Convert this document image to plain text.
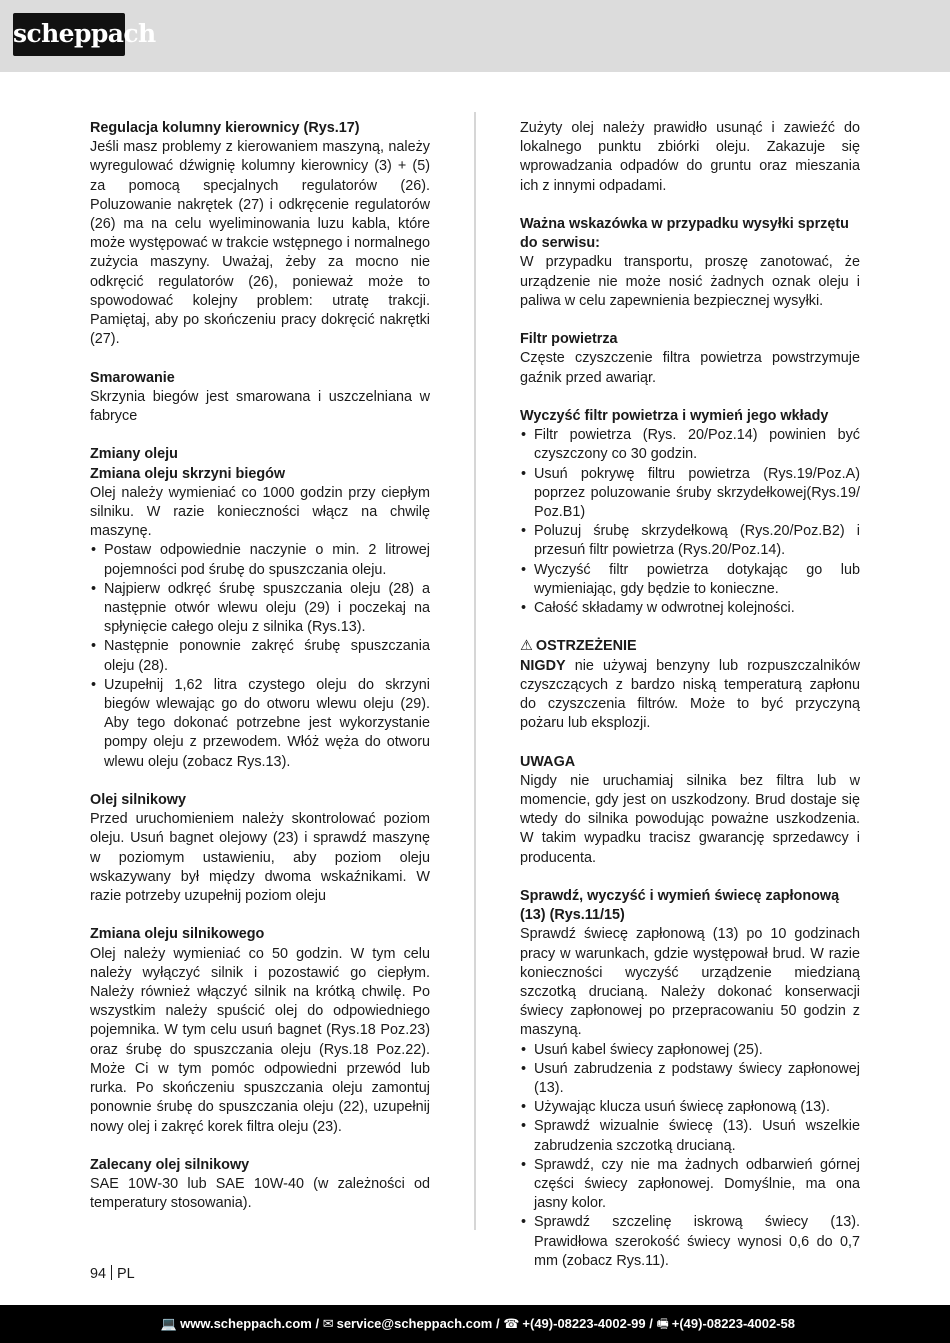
scheppach
Regulacja kolumny kierownicy (Rys.17)

Jeśli masz problemy z kierowaniem maszyną, należy wyregulować dźwignię kolumny kierownicy (3) + (5) za pomocą specjalnych regulatorów (26). Poluzowanie nakrętek (27) i odkręcenie regulatorów (26) ma na celu wyeliminowania luzu kabla, które może występować w trakcie wstępnego i normalnego zużycia maszyny. Uważaj, żeby za mocno nie odkręcić regulatorów (26), ponieważ może to spowodować kolejny problem: utratę trakcji. Pamiętaj, aby po skończeniu pracy dokręcić nakrętki (27).

Smarowanie

Skrzynia biegów jest smarowana i uszczelniana w fabryce

Zmiany oleju
Zmiana oleju skrzyni biegów

Olej należy wymieniać co 1000 godzin przy ciepłym silniku. W razie konieczności włącz na chwilę maszynę.

• Postaw odpowiednie naczynie o min. 2 litrowej pojemności pod śrubę do spuszczania oleju.
• Najpierw odkręć śrubę spuszczania oleju (28) a następnie otwór wlewu oleju (29) i poczekaj na spłynięcie całego oleju z silnika (Rys.13).
• Następnie ponownie zakręć śrubę spuszczania oleju (28).
• Uzupełnij 1,62 litra czystego oleju do skrzyni biegów wlewając go do otworu wlewu oleju (29). Aby tego dokonać potrzebne jest wykorzystanie pompy oleju z przewodem. Włóż węża do otworu wlewu oleju (zobacz Rys.13).
Olej silnikowy

Przed uruchomieniem należy skontrolować poziom oleju. Usuń bagnet olejowy (23) i sprawdź maszynę w poziomym ustawieniu, aby poziom oleju wskazywany był między dwoma wskaźnikami. W razie potrzeby uzupełnij poziom oleju

Zmiana oleju silnikowego

Olej należy wymieniać co 50 godzin. W tym celu należy wyłączyć silnik i pozostawić go ciepłym. Należy również włączyć silnik na krótką chwilę. Po wszystkim należy spuścić olej do odpowiedniego pojemnika. W tym celu usuń bagnet (Rys.18 Poz.23) oraz śrubę do spuszczania oleju (Rys.18 Poz.22). Może Ci w tym pomóc odpowiedni przewód lub rurka. Po skończeniu spuszczania oleju zamontuj ponownie śrubę do spuszczania oleju (22), uzupełnij nowy olej i zakręć korek filtra oleju (23).

Zalecany olej silnikowy

SAE 10W-30 lub SAE 10W-40 (w zależności od temperatury stosowania).

Zużyty olej należy prawidło usunąć i zawieźć do lokalnego punktu zbiórki oleju. Zakazuje się wprowadzania odpadów do gruntu oraz mieszania ich z innymi odpadami.

Ważna wskazówka w przypadku wysyłki sprzętu do serwisu:

W przypadku transportu, proszę zanotować, że urządzenie nie może nosić żadnych oznak oleju i paliwa w celu zapewnienia bezpiecznej wysyłki.

Filtr powietrza

Częste czyszczenie filtra powietrza powstrzymuje gaźnik przed awariąr.

Wyczyść filtr powietrza i wymień jego wkłady
• Filtr powietrza (Rys. 20/Poz.14) powinien być czyszczony co 30 godzin.
• Usuń pokrywę filtru powietrza (Rys.19/Poz.A) poprzez poluzowanie śruby skrzydełkowej(Rys.19/ Poz.B1)
• Poluzuj śrubę skrzydełkową (Rys.20/Poz.B2) i przesuń filtr powietrza (Rys.20/Poz.14).
• Wyczyść filtr powietrza dotykając go lub wymieniając, gdy będzie to konieczne.
• Całość składamy w odwrotnej kolejności.
⚠ OSTRZEŻENIE

NIGDY nie używaj benzyny lub rozpuszczalników czyszczących z bardzo niską temperaturą zapłonu do czyszczenia filtrów. Może to być przyczyną pożaru lub eksplozji.

UWAGA

Nigdy nie uruchamiaj silnika bez filtra lub w momencie, gdy jest on uszkodzony. Brud dostaje się wtedy do silnika powodując poważne uszkodzenia. W takim wypadku tracisz gwarancję sprzedawcy i producenta.

Sprawdź, wyczyść i wymień świecę zapłonową (13) (Rys.11/15)

Sprawdź świecę zapłonową (13) po 10 godzinach pracy w warunkach, gdzie występował brud. W razie konieczności wyczyść urządzenie miedzianą szczotką drucianą. Należy dokonać konserwacji świecy zapłonowej po przepracowaniu 50 godzin z maszyną.

• Usuń kabel świecy zapłonowej (25).
• Usuń zabrudzenia z podstawy świecy zapłonowej (13).
• Używając klucza usuń świecę zapłonową (13).
• Sprawdź wizualnie świecę (13). Usuń wszelkie zabrudzenia szczotką drucianą.
• Sprawdź, czy nie ma żadnych odbarwień górnej części świecy zapłonowej. Domyślnie, ma ona jasny kolor.
• Sprawdź szczelinę iskrową świecy (13). Prawidłowa szerokość świecy wynosi 0,6 do 0,7 mm (zobacz Rys.11).
94 PL
💻 www.scheppach.com / ✉ service@scheppach.com / ☎ +(49)-08223-4002-99 / 🖷 +(49)-08223-4002-58
